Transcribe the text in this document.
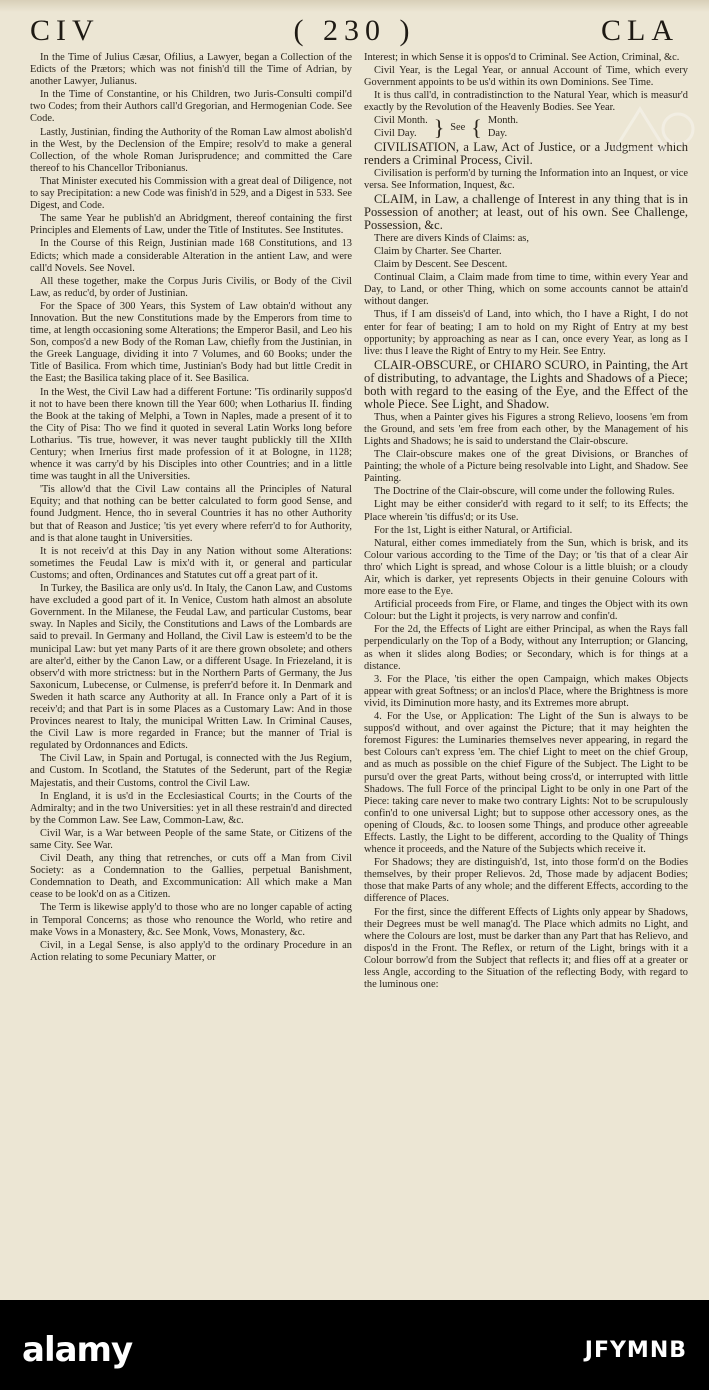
CIV	( 230 )	CLA

In the Time of Julius Cæsar, Ofilius, a Lawyer, began a Collection of the Edicts of the Prætors; which was not finish'd till the Time of Adrian, by another Lawyer, Julianus.

In the Time of Constantine, or his Children, two Juris-Consulti compil'd two Codes; from their Authors call'd Gregorian, and Hermogenian Code. See Code.

Lastly, Justinian, finding the Authority of the Roman Law almost abolish'd in the West, by the Declension of the Empire; resolv'd to make a general Collection, of the whole Roman Jurisprudence; and committed the Care thereof to his Chancellor Tribonianus.

That Minister executed his Commission with a great deal of Diligence, not to say Precipitation: a new Code was finish'd in 529, and a Digest in 533. See Digest, and Code.

The same Year he publish'd an Abridgment, thereof containing the first Principles and Elements of Law, under the Title of Institutes. See Institutes.

In the Course of this Reign, Justinian made 168 Constitutions, and 13 Edicts; which made a considerable Alteration in the antient Law, and were call'd Novels. See Novel.

All these together, make the Corpus Juris Civilis, or Body of the Civil Law, as reduc'd, by order of Justinian.

For the Space of 300 Years, this System of Law obtain'd without any Innovation. But the new Constitutions made by the Emperors from time to time, at length occasioning some Alterations; the Emperor Basil, and Leo his Son, compos'd a new Body of the Roman Law, chiefly from the Justinian, in the Greek Language, dividing it into 7 Volumes, and 60 Books; under the Title of Basilica. From which time, Justinian's Body had but little Credit in the East; the Basilica taking place of it. See Basilica.

In the West, the Civil Law had a different Fortune: 'Tis ordinarily suppos'd it not to have been there known till the Year 600; when Lotharius II. finding the Book at the taking of Melphi, a Town in Naples, made a present of it to the City of Pisa: Tho we find it quoted in several Latin Works long before Lotharius. 'Tis true, however, it was never taught publickly till the XIIth Century; when Irnerius first made profession of it at Bologne, in 1128; whence it was carry'd by his Disciples into other Countries; and in a little time was taught in all the Universities.

'Tis allow'd that the Civil Law contains all the Principles of Natural Equity; and that nothing can be better calculated to form good Sense, and found Judgment. Hence, tho in several Countries it has no other Authority but that of Reason and Justice; 'tis yet every where referr'd to for Authority, and is that alone taught in Universities.

It is not receiv'd at this Day in any Nation without some Alterations: sometimes the Feudal Law is mix'd with it, or general and particular Customs; and often, Ordinances and Statutes cut off a great part of it.

In Turkey, the Basilica are only us'd. In Italy, the Canon Law, and Customs have excluded a good part of it. In Venice, Custom hath almost an absolute Government. In the Milanese, the Feudal Law, and particular Customs, bear sway. In Naples and Sicily, the Constitutions and Laws of the Lombards are said to prevail. In Germany and Holland, the Civil Law is esteem'd to be the municipal Law: but yet many Parts of it are there grown obsolete; and others are alter'd, either by the Canon Law, or a different Usage. In Friezeland, it is observ'd with more strictness: but in the Northern Parts of Germany, the Jus Saxonicum, Lubecense, or Culmense, is preferr'd before it. In Denmark and Sweden it hath scarce any Authority at all. In France only a Part of it is receiv'd; and that Part is in some Places as a Customary Law: And in those Provinces nearest to Italy, the municipal Written Law. In Criminal Causes, the Civil Law is more regarded in France; but the manner of Trial is regulated by Ordonnances and Edicts.

The Civil Law, in Spain and Portugal, is connected with the Jus Regium, and Custom. In Scotland, the Statutes of the Sederunt, part of the Regiæ Majestatis, and their Customs, control the Civil Law.

In England, it is us'd in the Ecclesiastical Courts; in the Courts of the Admiralty; and in the two Universities: yet in all these restrain'd and directed by the Common Law. See Law, Common-Law, &c.

Civil War, is a War between People of the same State, or Citizens of the same City. See War.

Civil Death, any thing that retrenches, or cuts off a Man from Civil Society: as a Condemnation to the Gallies, perpetual Banishment, Condemnation to Death, and Excommunication: All which make a Man cease to be look'd on as a Citizen.

The Term is likewise apply'd to those who are no longer capable of acting in Temporal Concerns; as those who renounce the World, who retire and make Vows in a Monastery, &c. See Monk, Vows, Monastery, &c.

Civil, in a Legal Sense, is also apply'd to the ordinary Procedure in an Action relating to some Pecuniary Matter, or

Interest; in which Sense it is oppos'd to Criminal. See Action, Criminal, &c.

Civil Year, is the Legal Year, or annual Account of Time, which every Government appoints to be us'd within its own Dominions. See Time.

It is thus call'd, in contradistinction to the Natural Year, which is measur'd exactly by the Revolution of the Heavenly Bodies. See Year.

Civil Month.
Civil Day. } See { Month.
Day.

CIVILISATION, a Law, Act of Justice, or a Judgment which renders a Criminal Process, Civil.

Civilisation is perform'd by turning the Information into an Inquest, or vice versa. See Information, Inquest, &c.

CLAIM, in Law, a challenge of Interest in any thing that is in Possession of another; at least, out of his own. See Challenge, Possession, &c.

There are divers Kinds of Claims: as,

Claim by Charter. See Charter.

Claim by Descent. See Descent.

Continual Claim, a Claim made from time to time, within every Year and Day, to Land, or other Thing, which on some accounts cannot be attain'd without danger.

Thus, if I am disseis'd of Land, into which, tho I have a Right, I do not enter for fear of beating; I am to hold on my Right of Entry at my best opportunity; by approaching as near as I can, once every Year, as long as I live: thus I leave the Right of Entry to my Heir. See Entry.

CLAIR-OBSCURE, or CHIARO SCURO, in Painting, the Art of distributing, to advantage, the Lights and Shadows of a Piece; both with regard to the easing of the Eye, and the Effect of the whole Piece. See Light, and Shadow.

Thus, when a Painter gives his Figures a strong Relievo, loosens 'em from the Ground, and sets 'em free from each other, by the Management of his Lights and Shadows; he is said to understand the Clair-obscure.

The Clair-obscure makes one of the great Divisions, or Branches of Painting; the whole of a Picture being resolvable into Light, and Shadow. See Painting.

The Doctrine of the Clair-obscure, will come under the following Rules.

Light may be either consider'd with regard to it self; to its Effects; the Place wherein 'tis diffus'd; or its Use.

For the 1st, Light is either Natural, or Artificial.

Natural, either comes immediately from the Sun, which is brisk, and its Colour various according to the Time of the Day; or 'tis that of a clear Air thro' which Light is spread, and whose Colour is a little bluish; or a cloudy Air, which is darker, yet represents Objects in their genuine Colours with more ease to the Eye.

Artificial proceeds from Fire, or Flame, and tinges the Object with its own Colour: but the Light it projects, is very narrow and confin'd.

For the 2d, the Effects of Light are either Principal, as when the Rays fall perpendicularly on the Top of a Body, without any Interruption; or Glancing, as when it slides along Bodies; or Secondary, which is for things at a distance.

3. For the Place, 'tis either the open Campaign, which makes Objects appear with great Softness; or an inclos'd Place, where the Brightness is more vivid, its Diminution more hasty, and its Extremes more abrupt.

4. For the Use, or Application: The Light of the Sun is always to be suppos'd without, and over against the Picture; that it may heighten the foremost Figures: the Luminaries themselves never appearing, in regard the best Colours can't express 'em. The chief Light to meet on the chief Group, and as much as possible on the chief Figure of the Subject. The Light to be pursu'd over the great Parts, without being cross'd, or interrupted with little Shadows. The full Force of the principal Light to be only in one Part of the Piece: taking care never to make two contrary Lights: Not to be scrupulously confin'd to one universal Light; but to suppose other accessory ones, as the opening of Clouds, &c. to loosen some Things, and produce other agreeable Effects. Lastly, the Light to be different, according to the Quality of Things whence it proceeds, and the Nature of the Subjects which receive it.

For Shadows; they are distinguish'd, 1st, into those form'd on the Bodies themselves, by their proper Relievos. 2d, Those made by adjacent Bodies; those that make Parts of any whole; and the different Effects, according to the difference of Places.

For the first, since the different Effects of Lights only appear by Shadows, their Degrees must be well manag'd. The Place which admits no Light, and where the Colours are lost, must be darker than any Part that has Relievo, and dispos'd in the Front. The Reflex, or return of the Light, brings with it a Colour borrow'd from the Subject that reflects it; and flies off at a greater or less Angle, according to the Situation of the reflecting Body, with regard to the luminous one:

alamy	JFYMNB
